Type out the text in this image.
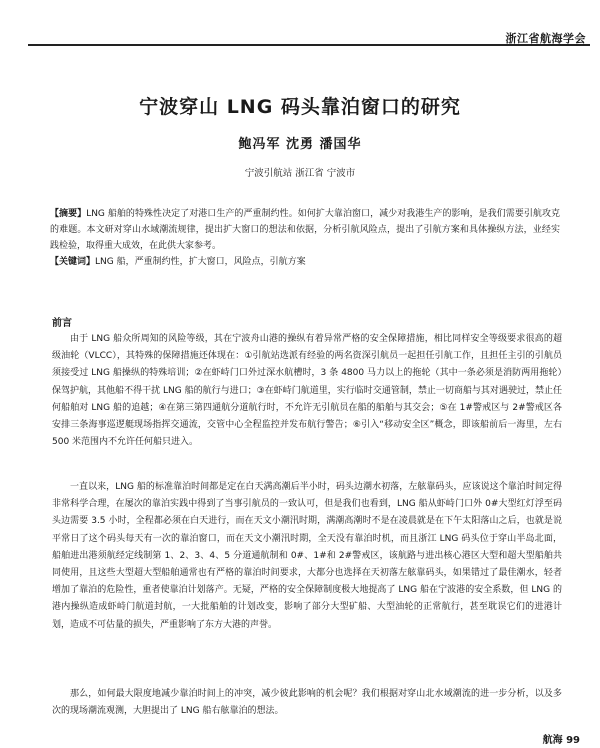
浙江省航海学会
宁波穿山 LNG 码头靠泊窗口的研究
鲍冯军 沈勇 潘国华
宁波引航站 浙江省 宁波市
【摘要】LNG 船舶的特殊性决定了对港口生产的严重制约性。如何扩大靠泊窗口，减少对我港生产的影响，是我们需要引航攻克的难题。本文研对穿山水域潮流规律，提出扩大窗口的想法和依据，分析引航风险点，提出了引航方案和具体操纵方法，业经实践检验，取得重大成效，在此供大家参考。
【关键词】LNG 船，严重制约性，扩大窗口，风险点，引航方案
前言

由于 LNG 船众所周知的风险等级，其在宁波舟山港的操纵有着异常严格的安全保障措施，相比同样安全等级要求很高的超级油轮（VLCC），其特殊的保障措施还体现在：①引航站选派有经验的两名资深引航员一起担任引航工作，且担任主引的引航员须接受过 LNG 船操纵的特殊培训；②在虾峙门口外过深水航槽时，3 条 4800 马力以上的拖轮（其中一条必须是消防两用拖轮）保驾护航，其他船不得干扰 LNG 船的航行与进口；③在虾峙门航道里，实行临时交通管制，禁止一切商船与其对遇驶过，禁止任何船舶对 LNG 船的追越；④在第三第四通航分道航行时，不允许无引航员在船的船舶与其交会；⑤在 1#警戒区与 2#警戒区各安排三条海事巡逻艇现场指挥交通流，交管中心全程监控并发布航行警告；⑥引入“移动安全区”概念，即该船前后一海里，左右 500 米范围内不允许任何船只进入。

一直以来，LNG 船的标准靠泊时间都是定在白天满高潮后半小时，码头边潮水初落，左舷靠码头，应该说这个靠泊时间定得非常科学合理，在屡次的靠泊实践中得到了当事引航员的一致认可，但是我们也看到，LNG 船从虾峙门口外 0#大型红灯浮至码头边需要 3.5 小时，全程都必须在白天进行，而在天文小潮汛时期，满潮高潮时不是在凌晨就是在下午太阳落山之后，也就是说平常日了这个码头每天有一次的靠泊窗口，而在天文小潮汛时期，全天没有靠泊时机，而且浙江 LNG 码头位于穿山半岛北面，船舶进出港须航经定线制第 1、2、3、4、5 分道通航制和 0#、1#和 2#警戒区，该航路与进出核心港区大型和超大型船舶共同使用，且这些大型超大型船舶通常也有严格的靠泊时间要求，大都分也选择在天初落左舷靠码头，如果错过了最佳潮水，轻者增加了靠泊的危险性，重者使靠泊计划落产。无疑，严格的安全保障制度极大地提高了 LNG 船在宁波港的安全系数，但 LNG 的港内操纵造成虾峙门航道封航，一大批船舶的计划改变，影响了部分大型矿船、大型油轮的正常航行，甚至耽误它们的进港计划，造成不可估量的损失，严重影响了东方大港的声誉。

那么，如何最大限度地减少靠泊时间上的冲突，减少彼此影响的机会呢？我们根据对穿山北水域潮流的进一步分析，以及多次的现场潮流观测，大胆提出了 LNG 船右舷靠泊的想法。

航海 99
